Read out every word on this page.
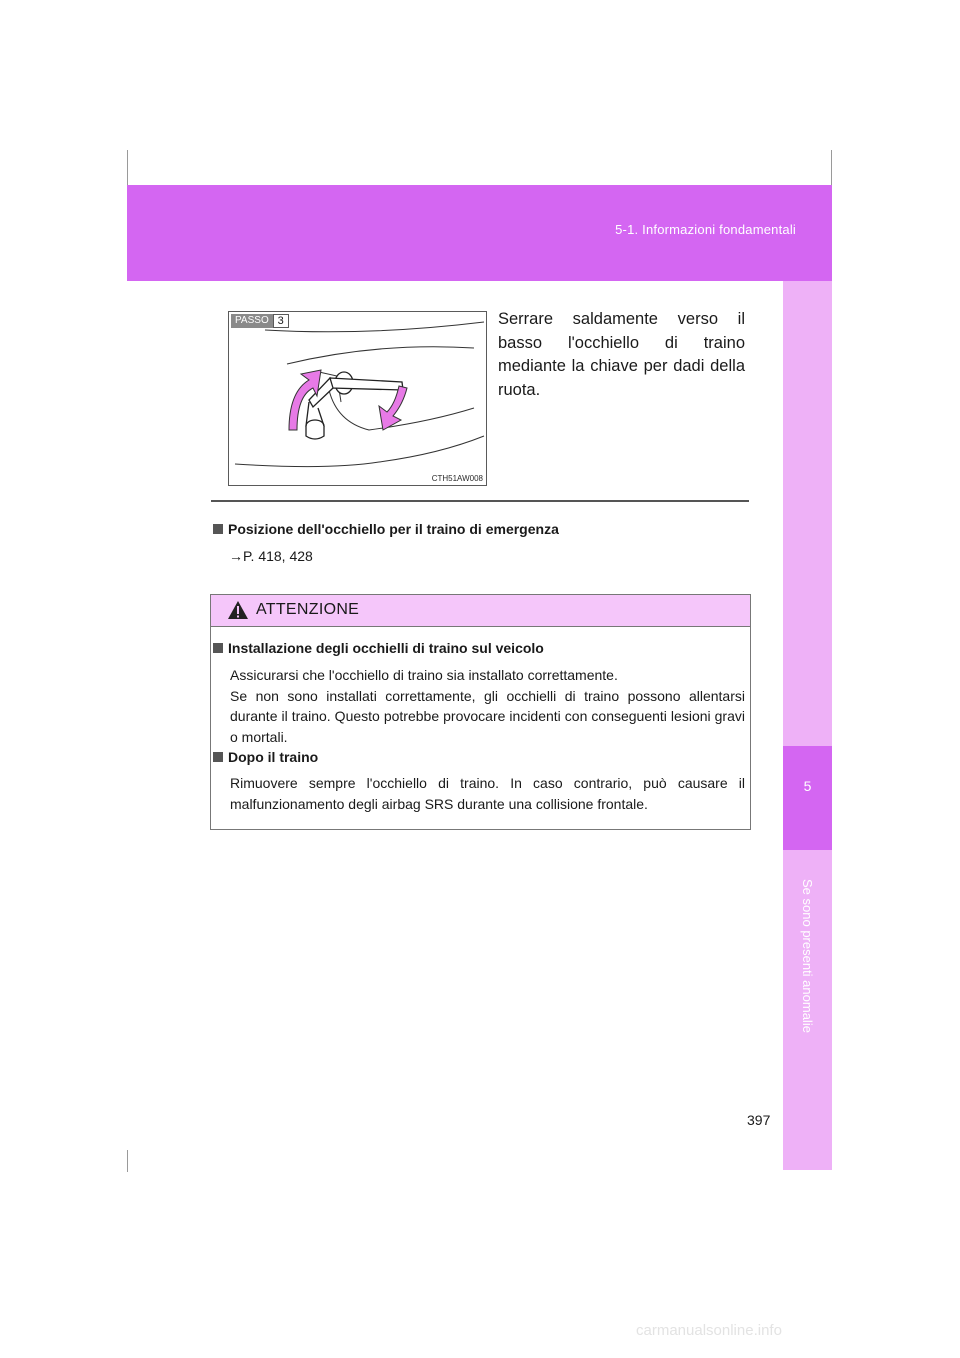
5-1. Informazioni fondamentali
5
Se sono presenti anomalie
PASSO 3
CTH51AW008
Serrare saldamente verso il basso l'occhiello di traino mediante la chiave per dadi della ruota.
Posizione dell'occhiello per il traino di emergenza
→P. 418, 428
ATTENZIONE
Installazione degli occhielli di traino sul veicolo
Assicurarsi che l'occhiello di traino sia installato correttamente.
Se non sono installati correttamente, gli occhielli di traino possono allentarsi durante il traino. Questo potrebbe provocare incidenti con conseguenti lesioni gravi o mortali.
Dopo il traino
Rimuovere sempre l'occhiello di traino. In caso contrario, può causare il malfunzionamento degli airbag SRS durante una collisione frontale.
397
carmanualsonline.info
